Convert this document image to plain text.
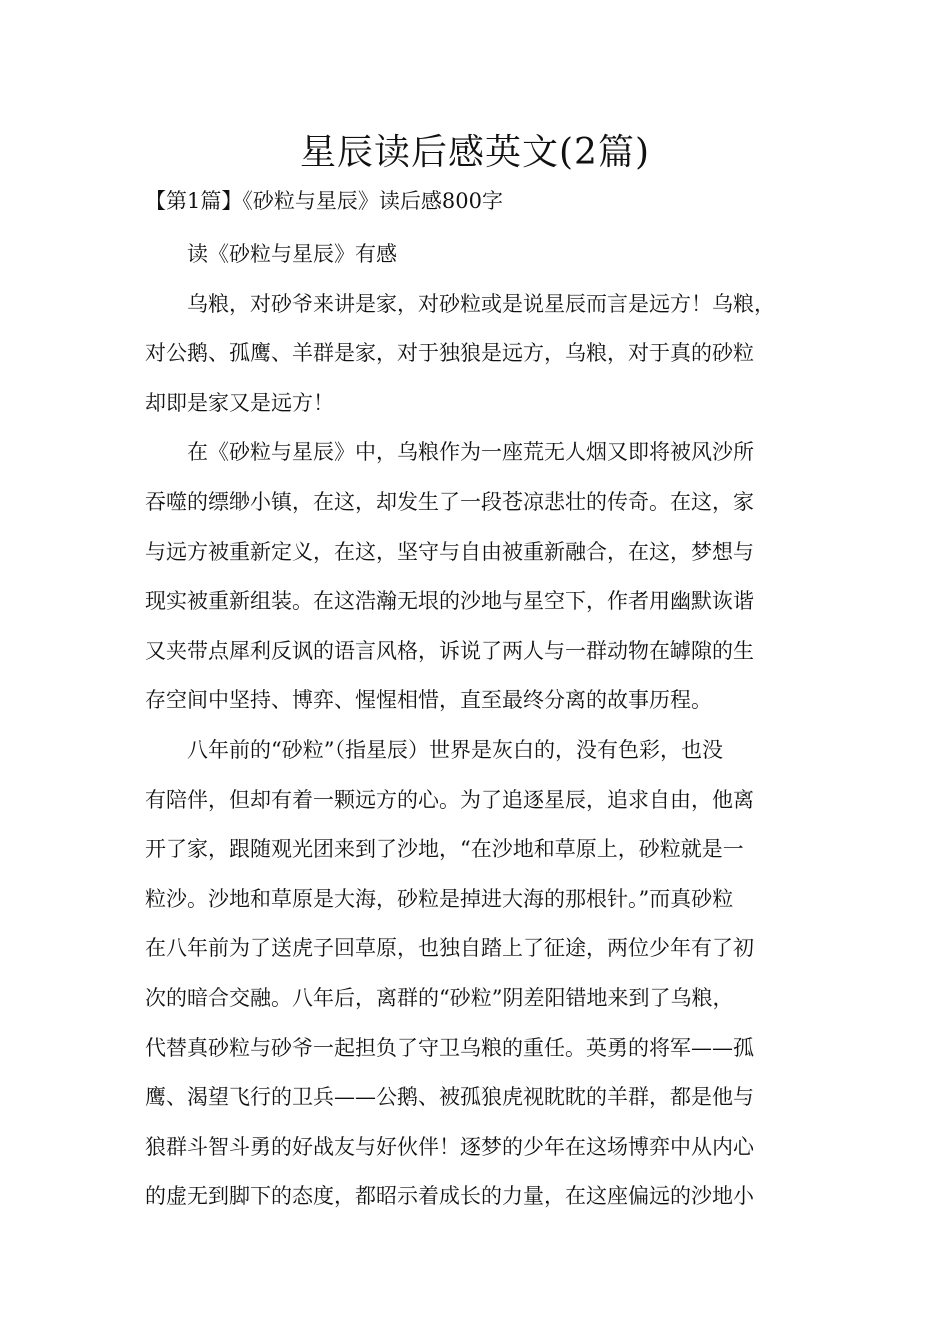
星辰读后感英文(2篇)
【第1篇】《砂粒与星辰》读后感800字

读《砂粒与星辰》有感

乌粮，对砂爷来讲是家，对砂粒或是说星辰而言是远方！乌粮，
对公鹅、孤鹰、羊群是家，对于独狼是远方，乌粮，对于真的砂粒
却即是家又是远方！

在《砂粒与星辰》中，乌粮作为一座荒无人烟又即将被风沙所
吞噬的缥缈小镇，在这，却发生了一段苍凉悲壮的传奇。在这，家
与远方被重新定义，在这，坚守与自由被重新融合，在这，梦想与
现实被重新组装。在这浩瀚无垠的沙地与星空下，作者用幽默诙谐
又夹带点犀利反讽的语言风格，诉说了两人与一群动物在罅隙的生
存空间中坚持、博弈、惺惺相惜，直至最终分离的故事历程。

八年前的“砂粒”（指星辰）世界是灰白的，没有色彩，也没
有陪伴，但却有着一颗远方的心。为了追逐星辰，追求自由，他离
开了家，跟随观光团来到了沙地，“在沙地和草原上，砂粒就是一
粒沙。沙地和草原是大海，砂粒是掉进大海的那根针。”而真砂粒
在八年前为了送虎子回草原，也独自踏上了征途，两位少年有了初
次的暗合交融。八年后，离群的“砂粒”阴差阳错地来到了乌粮，
代替真砂粒与砂爷一起担负了守卫乌粮的重任。英勇的将军——孤
鹰、渴望飞行的卫兵——公鹅、被孤狼虎视眈眈的羊群，都是他与
狼群斗智斗勇的好战友与好伙伴！逐梦的少年在这场博弈中从内心
的虚无到脚下的态度，都昭示着成长的力量，在这座偏远的沙地小
